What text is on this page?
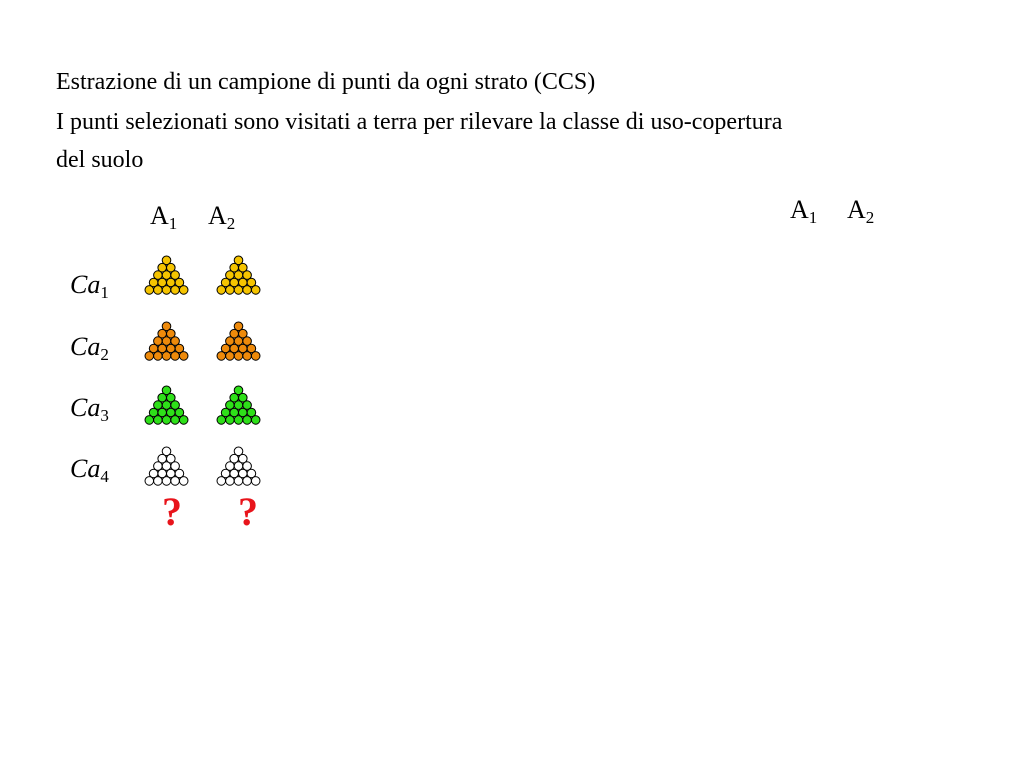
Estrazione di un campione di punti da ogni strato (CCS)
I punti selezionati sono visitati a terra per rilevare la classe di uso-copertura
del suolo
$A_1$ $A_2$	$A_1$ $A_2$
$Ca_1$
$Ca_2$
$Ca_3$
$Ca_4$
? ?
